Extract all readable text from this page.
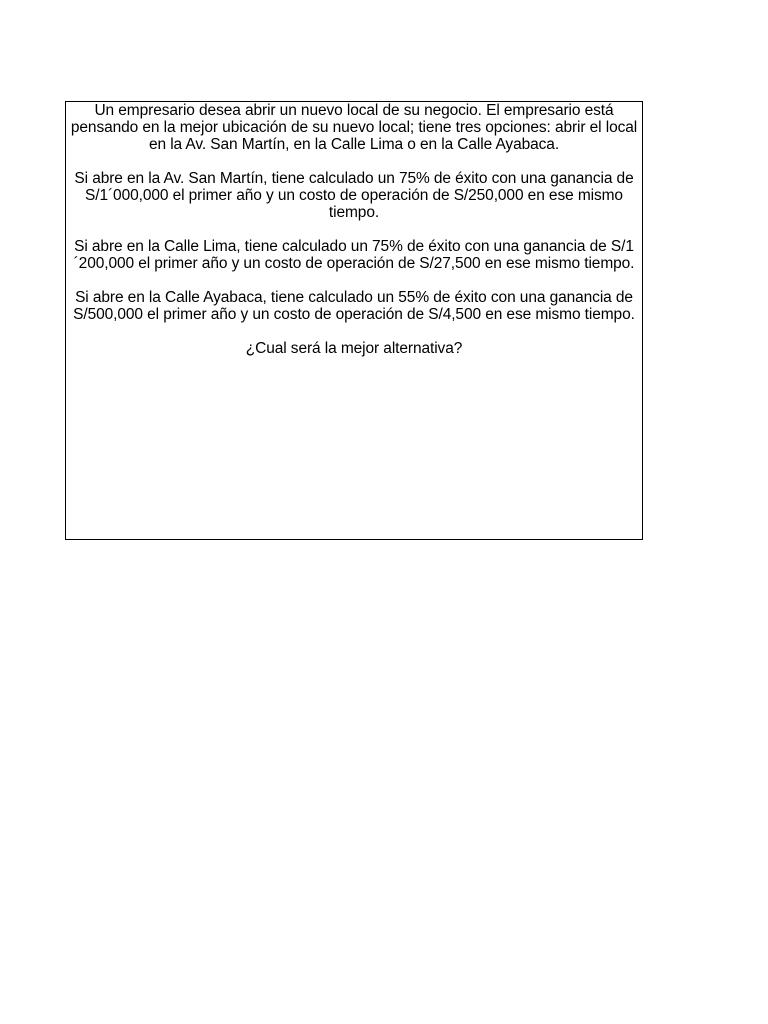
Un empresario desea abrir un nuevo local de su negocio. El empresario está pensando en la mejor ubicación de su nuevo local; tiene tres opciones: abrir el local en la Av. San Martín, en la Calle Lima o en la Calle Ayabaca.

Si abre en la Av. San Martín, tiene calculado un 75% de éxito con una ganancia de S/1´000,000 el primer año y un costo de operación de S/250,000 en ese mismo tiempo.

Si abre en la Calle Lima, tiene calculado un 75% de éxito con una ganancia de S/1´200,000 el primer año y un costo de operación de S/27,500 en ese mismo tiempo.

Si abre en la Calle Ayabaca, tiene calculado un 55% de éxito con una ganancia de S/500,000 el primer año y un costo de operación de S/4,500 en ese mismo tiempo.

¿Cual será la mejor alternativa?
